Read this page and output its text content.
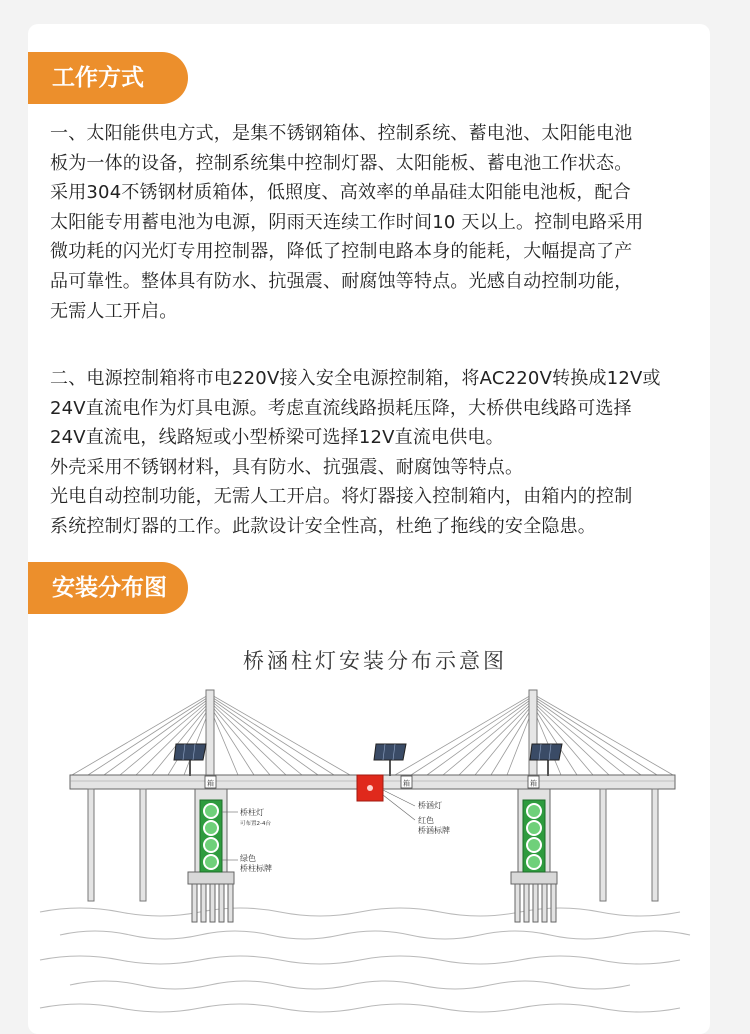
工作方式
一、太阳能供电方式，是集不锈钢箱体、控制系统、蓄电池、太阳能电池
板为一体的设备，控制系统集中控制灯器、太阳能板、蓄电池工作状态。
采用304不锈钢材质箱体，低照度、高效率的单晶硅太阳能电池板，配合
太阳能专用蓄电池为电源，阴雨天连续工作时间10 天以上。控制电路采用
微功耗的闪光灯专用控制器，降低了控制电路本身的能耗，大幅提高了产
品可靠性。整体具有防水、抗强震、耐腐蚀等特点。光感自动控制功能，
无需人工开启。
二、电源控制箱将市电220V接入安全电源控制箱，将AC220V转换成12V或
24V直流电作为灯具电源。考虑直流线路损耗压降，大桥供电线路可选择
24V直流电，线路短或小型桥梁可选择12V直流电供电。
外壳采用不锈钢材料，具有防水、抗强震、耐腐蚀等特点。
光电自动控制功能，无需人工开启。将灯器接入控制箱内，由箱内的控制
系统控制灯器的工作。此款设计安全性高，杜绝了拖线的安全隐患。
安装分布图
桥涵柱灯安装分布示意图
箱	箱	箱
桥柱灯
可布置2-4台
绿色
桥柱标牌
桥涵灯
红色
桥涵标牌
